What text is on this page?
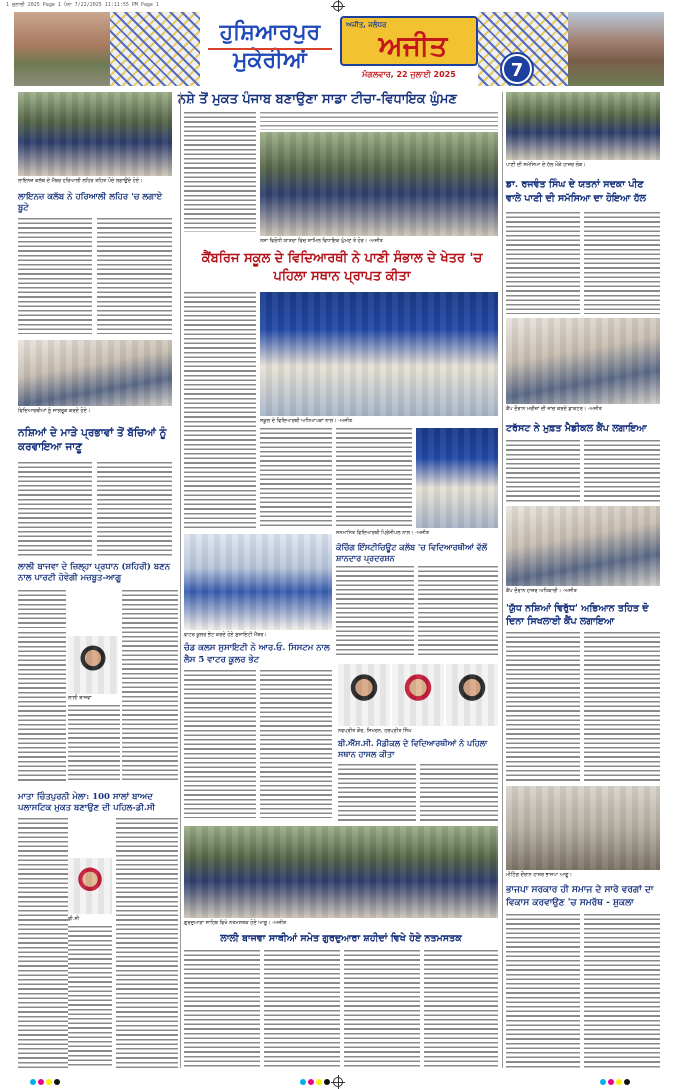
1 ਜੁਲਾਈ 2025 Page 1 ਪੰਨਾ 7/22/2025 11:11:55 PM Page 1
ਹੁਸ਼ਿਆਰਪੁਰ ਮੁਕੇਰੀਆਂ
ਅਜੀਤ, ਜਲੰਧਰ
ਅਜੀਤ
ਮੰਗਲਵਾਰ, 22 ਜੁਲਾਈ 2025	7
ਨਸ਼ੇ ਤੋਂ ਮੁਕਤ ਪੰਜਾਬ ਬਣਾਉਣਾ ਸਾਡਾ ਟੀਚਾ-ਵਿਧਾਇਕ ਘੁੰਮਣ
ਲਾਇਨਜ਼ ਕਲੱਬ ਦੇ ਮੈਂਬਰ ਹਰਿਆਲੀ ਲਹਿਰ ਤਹਿਤ ਪੌਦੇ ਲਗਾਉਂਦੇ ਹੋਏ।
ਲਾਇਨਜ਼ ਕਲੱਬ ਨੇ ਹਰਿਆਲੀ ਲਹਿਰ 'ਚ ਲਗਾਏ ਬੂਟੇ
ਵਿਦਿਆਰਥੀਆਂ ਨੂੰ ਜਾਗਰੂਕ ਕਰਦੇ ਹੋਏ।
ਨਸ਼ਿਆਂ ਦੇ ਮਾੜੇ ਪ੍ਰਭਾਵਾਂ ਤੋਂ ਬੱਚਿਆਂ ਨੂੰ ਕਰਵਾਇਆ ਜਾਣੂ
ਲਾਲੀ ਬਾਜਵਾ ਦੇ ਜ਼ਿਲ੍ਹਾ ਪ੍ਰਧਾਨ (ਸ਼ਹਿਰੀ) ਬਣਨ ਨਾਲ ਪਾਰਟੀ ਹੋਵੇਗੀ ਮਜ਼ਬੂਤ-ਆਗੂ
ਲਾਲੀ ਬਾਜਵਾ
ਮਾਤਾ ਚਿੰਤਪੁਰਨੀ ਮੇਲਾ: 100 ਸਾਲਾਂ ਬਾਅਦ ਪਲਾਸਟਿਕ ਮੁਕਤ ਬਣਾਉਣ ਦੀ ਪਹਿਲ-ਡੀ.ਸੀ
ਡੀ.ਸੀ
ਨਸ਼ਾ ਵਿਰੋਧੀ ਯਾਤਰਾ ਵਿਚ ਸ਼ਾਮਿਲ ਵਿਧਾਇਕ ਘੁੰਮਣ ਤੇ ਹੋਰ। -ਅਜੀਤ
ਕੈਂਬਰਿਜ ਸਕੂਲ ਦੇ ਵਿਦਿਆਰਥੀ ਨੇ ਪਾਣੀ ਸੰਭਾਲ ਦੇ ਖੇਤਰ 'ਚ ਪਹਿਲਾ ਸਥਾਨ ਪ੍ਰਾਪਤ ਕੀਤਾ
ਸਕੂਲ ਦੇ ਵਿਦਿਆਰਥੀ ਅਧਿਆਪਕਾਂ ਨਾਲ। -ਅਜੀਤ
ਸਨਮਾਨਿਤ ਵਿਦਿਆਰਥੀ ਪ੍ਰਿੰਸੀਪਲ ਨਾਲ। -ਅਜੀਤ
ਕੋਚਿੰਗ ਇੰਸਟੀਚਿਊਟ ਕਲੱਬ 'ਚ ਵਿਦਿਆਰਥੀਆਂ ਵੱਲੋਂ ਸ਼ਾਨਦਾਰ ਪ੍ਰਦਰਸ਼ਨ
ਵਾਟਰ ਕੂਲਰ ਭੇਟ ਕਰਦੇ ਹੋਏ ਸੁਸਾਇਟੀ ਮੈਂਬਰ।
ਚੰਡ ਕਲਸ ਸੁਸਾਇਟੀ ਨੇ ਆਰ.ਓ. ਸਿਸਟਮ ਨਾਲ ਲੈਸ 5 ਵਾਟਰ ਕੂਲਰ ਭੇਟ
ਨਵਪ੍ਰੀਤ ਕੌਰ, ਸਿਮਰਨ, ਹਰਪ੍ਰੀਤ ਸਿੰਘ
ਬੀ.ਐੱਸ.ਸੀ. ਮੈਡੀਕਲ ਦੇ ਵਿਦਿਆਰਥੀਆਂ ਨੇ ਪਹਿਲਾ ਸਥਾਨ ਹਾਸਲ ਕੀਤਾ
ਗੁਰਦੁਆਰਾ ਸਾਹਿਬ ਵਿਖੇ ਨਤਮਸਤਕ ਹੋਏ ਆਗੂ। -ਅਜੀਤ
ਲਾਲੀ ਬਾਜਵਾ ਸਾਥੀਆਂ ਸਮੇਤ ਗੁਰਦੁਆਰਾ ਸ਼ਹੀਦਾਂ ਵਿਖੇ ਹੋਏ ਨਤਮਸਤਕ
ਪਾਣੀ ਦੀ ਸਮੱਸਿਆ ਦੇ ਹੱਲ ਮੌਕੇ ਹਾਜ਼ਰ ਲੋਕ।
ਡਾ. ਰਜਵੰਤ ਸਿੰਘ ਦੇ ਯਤਨਾਂ ਸਦਕਾ ਪੀਣ ਵਾਲੇ ਪਾਣੀ ਦੀ ਸਮੱਸਿਆ ਦਾ ਹੋਇਆ ਹੱਲ
ਕੈਂਪ ਦੌਰਾਨ ਮਰੀਜ਼ਾਂ ਦੀ ਜਾਂਚ ਕਰਦੇ ਡਾਕਟਰ। -ਅਜੀਤ
ਟਰੱਸਟ ਨੇ ਮੁਫ਼ਤ ਮੈਡੀਕਲ ਕੈਂਪ ਲਗਾਇਆ
ਕੈਂਪ ਦੌਰਾਨ ਹਾਜ਼ਰ ਅਧਿਕਾਰੀ। -ਅਜੀਤ
'ਯੁੱਧ ਨਸ਼ਿਆਂ ਵਿਰੁੱਧ' ਅਭਿਆਨ ਤਹਿਤ ਦੋ ਦਿਨਾ ਸਿਖਲਾਈ ਕੈਂਪ ਲਗਾਇਆ
ਮੀਟਿੰਗ ਦੌਰਾਨ ਹਾਜ਼ਰ ਭਾਜਪਾ ਆਗੂ।
ਭਾਜਪਾ ਸਰਕਾਰ ਹੀ ਸਮਾਜ ਦੇ ਸਾਰੇ ਵਰਗਾਂ ਦਾ ਵਿਕਾਸ ਕਰਵਾਉਣ 'ਚ ਸਮਰੱਥ - ਸ਼ੁਕਲਾ
